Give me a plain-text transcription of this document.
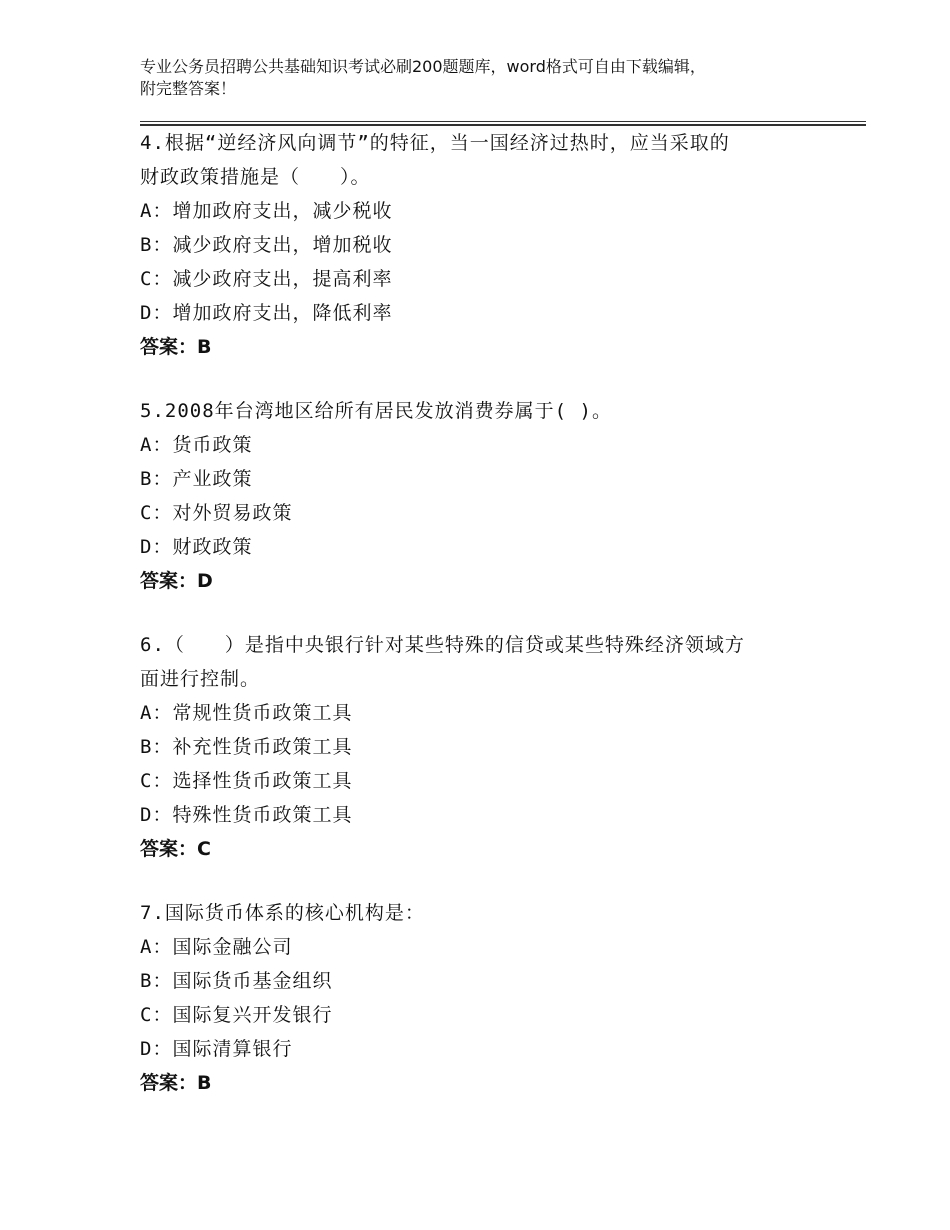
专业公务员招聘公共基础知识考试必刷200题题库，word格式可自由下载编辑，
附完整答案！
4.根据“逆经济风向调节”的特征，当一国经济过热时，应当采取的
财政政策措施是（　　）。
A：增加政府支出，减少税收
B：减少政府支出，增加税收
C：减少政府支出，提高利率
D：增加政府支出，降低利率
答案：B
5.2008年台湾地区给所有居民发放消费券属于( )。
A：货币政策
B：产业政策
C：对外贸易政策
D：财政政策
答案：D
6.（　　）是指中央银行针对某些特殊的信贷或某些特殊经济领域方
面进行控制。
A：常规性货币政策工具
B：补充性货币政策工具
C：选择性货币政策工具
D：特殊性货币政策工具
答案：C
7.国际货币体系的核心机构是：
A：国际金融公司
B：国际货币基金组织
C：国际复兴开发银行
D：国际清算银行
答案：B
